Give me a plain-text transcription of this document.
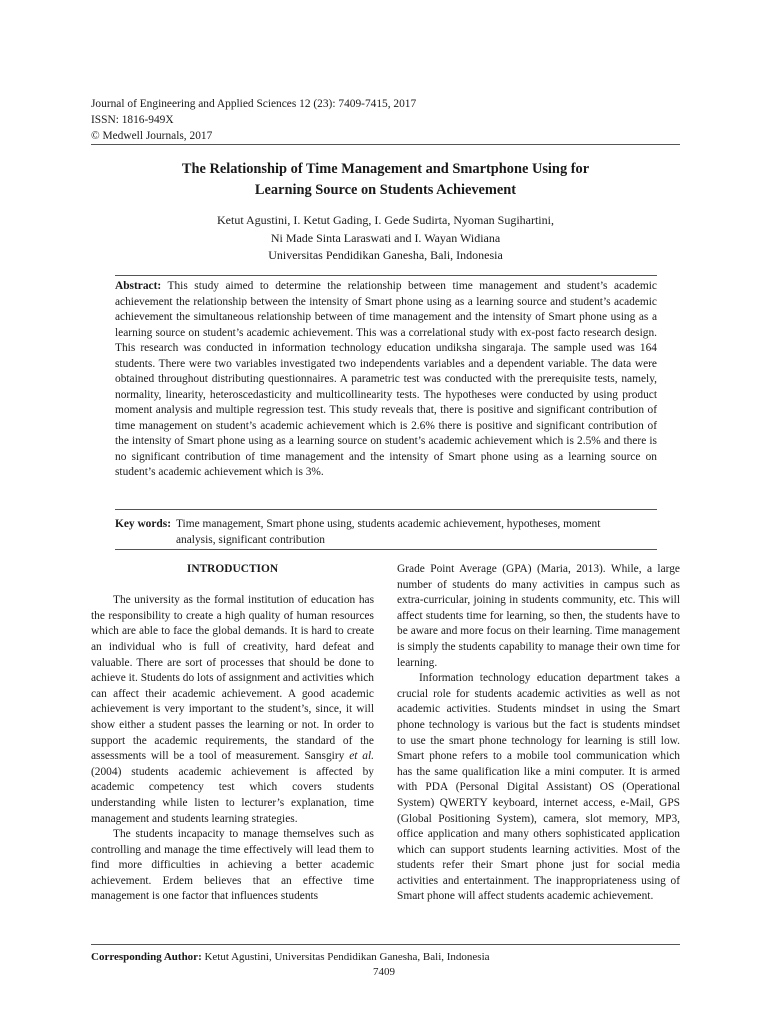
Journal of Engineering and Applied Sciences 12 (23): 7409-7415, 2017
ISSN: 1816-949X
© Medwell Journals, 2017
The Relationship of Time Management and Smartphone Using for
Learning Source on Students Achievement
Ketut Agustini, I. Ketut Gading, I. Gede Sudirta, Nyoman Sugihartini,
Ni Made Sinta Laraswati and I. Wayan Widiana
Universitas Pendidikan Ganesha, Bali, Indonesia
Abstract: This study aimed to determine the relationship between time management and student’s academic achievement the relationship between the intensity of Smart phone using as a learning source and student’s academic achievement the simultaneous relationship between of time management and the intensity of Smart phone using as a learning source on student’s academic achievement. This was a correlational study with ex-post facto research design. This research was conducted in information technology education undiksha singaraja. The sample used was 164 students. There were two variables investigated two independents variables and a dependent variable. The data were obtained throughout distributing questionnaires. A parametric test was conducted with the prerequisite tests, namely, normality, linearity, heteroscedasticity and multicollinearity tests. The hypotheses were conducted by using product moment analysis and multiple regression test. This study reveals that, there is positive and significant contribution of time management on student’s academic achievement which is 2.6% there is positive and significant contribution of the intensity of Smart phone using as a learning source on student’s academic achievement which is 2.5% and there is no significant contribution of time management and the intensity of Smart phone using as a learning source on student’s academic achievement which is 3%.
Key words: Time management, Smart phone using, students academic achievement, hypotheses, moment
analysis, significant contribution
INTRODUCTION

The university as the formal institution of education has the responsibility to create a high quality of human resources which are able to face the global demands. It is hard to create an individual who is full of creativity, hard defeat and valuable. There are sort of processes that should be done to achieve it. Students do lots of assignment and activities which can affect their academic achievement. A good academic achievement is very important to the student’s, since, it will show either a student passes the learning or not. In order to support the academic requirements, the standard of the assessments will be a tool of measurement. Sansgiry et al. (2004) students academic achievement is affected by academic competency test which covers students understanding while listen to lecturer’s explanation, time management and students learning strategies.

The students incapacity to manage themselves such as controlling and manage the time effectively will lead them to find more difficulties in achieving a better academic achievement. Erdem believes that an effective time management is one factor that influences students

Grade Point Average (GPA) (Maria, 2013). While, a large number of students do many activities in campus such as extra-curricular, joining in students community, etc. This will affect students time for learning, so then, the students have to be aware and more focus on their learning. Time management is simply the students capability to manage their own time for learning.

Information technology education department takes a crucial role for students academic activities as well as not academic activities. Students mindset in using the Smart phone technology is various but the fact is students mindset to use the smart phone technology for learning is still low. Smart phone refers to a mobile tool communication which has the same qualification like a mini computer. It is armed with PDA (Personal Digital Assistant) OS (Operational System) QWERTY keyboard, internet access, e-Mail, GPS (Global Positioning System), camera, slot memory, MP3, office application and many others sophisticated application which can support students learning activities. Most of the students refer their Smart phone just for social media activities and entertainment. The inappropriateness using of Smart phone will affect students academic achievement.

Corresponding Author: Ketut Agustini, Universitas Pendidikan Ganesha, Bali, Indonesia
7409
